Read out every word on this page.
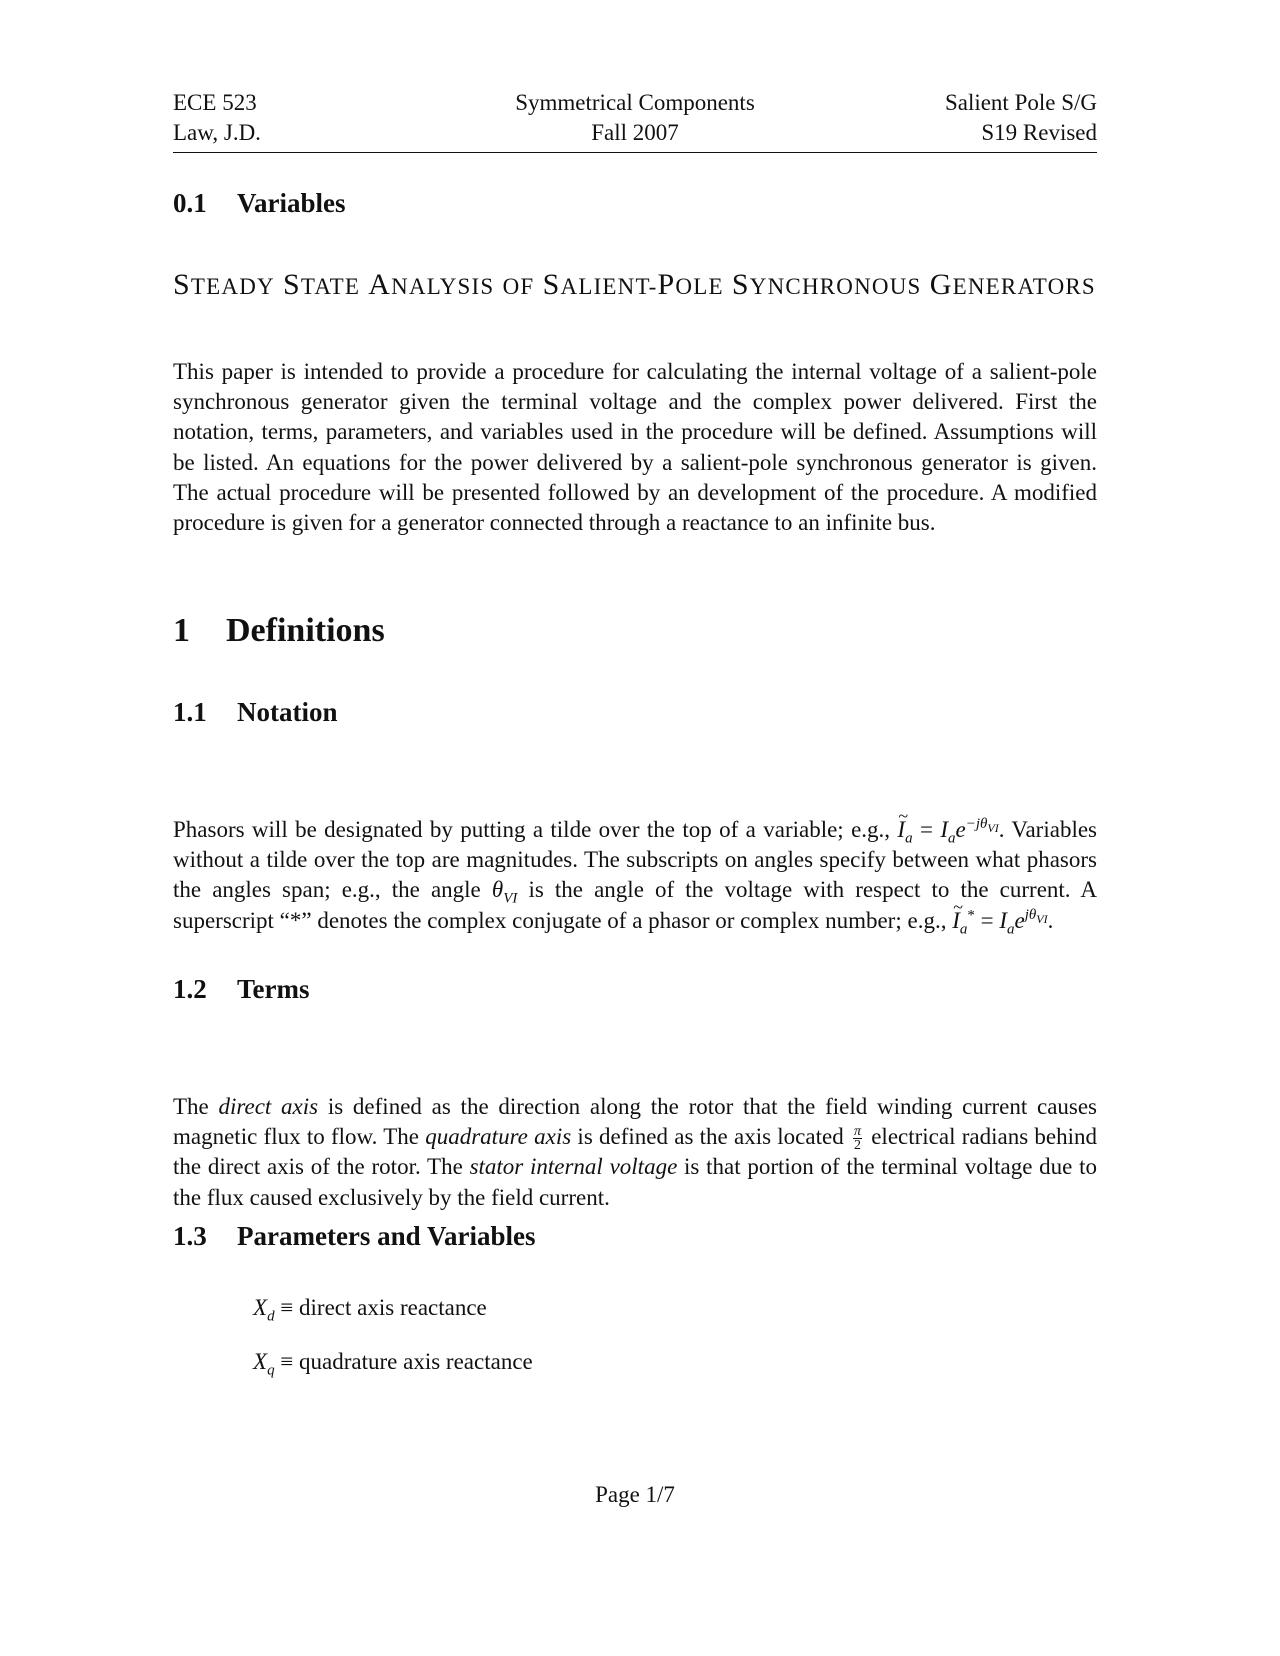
ECE 523
Law, J.D.
Symmetrical Components
Fall 2007
Salient Pole S/G
S19 Revised
0.1 Variables
STEADY STATE ANALYSIS OF SALIENT-POLE SYNCHRONOUS GENERATORS
This paper is intended to provide a procedure for calculating the internal voltage of a salient-pole synchronous generator given the terminal voltage and the complex power delivered. First the notation, terms, parameters, and variables used in the procedure will be defined. Assumptions will be listed. An equations for the power delivered by a salient-pole synchronous generator is given. The actual procedure will be presented followed by an development of the procedure. A modified procedure is given for a generator connected through a reactance to an infinite bus.
1 Definitions
1.1 Notation
Phasors will be designated by putting a tilde over the top of a variable; e.g., I $\sim_a = I_ae^{-j\theta_{VI}}$. Variables without a tilde over the top are magnitudes. The subscripts on angles specify between what phasors the angles span; e.g., the angle $\theta_{VI}$ is the angle of the voltage with respect to the current. A superscript “*” denotes the complex conjugate of a phasor or complex number; e.g., I $\sim_a^* = I_ae^{j\theta_{VI}}$.
1.2 Terms
The direct axis is defined as the direction along the rotor that the field winding current causes magnetic flux to flow. The quadrature axis is defined as the axis located $\frac{\pi}{2}$ electrical radians behind the direct axis of the rotor. The stator internal voltage is that portion of the terminal voltage due to the flux caused exclusively by the field current.
1.3 Parameters and Variables
$X_d$ ≡ direct axis reactance
$X_q$ ≡ quadrature axis reactance
Page 1/7
